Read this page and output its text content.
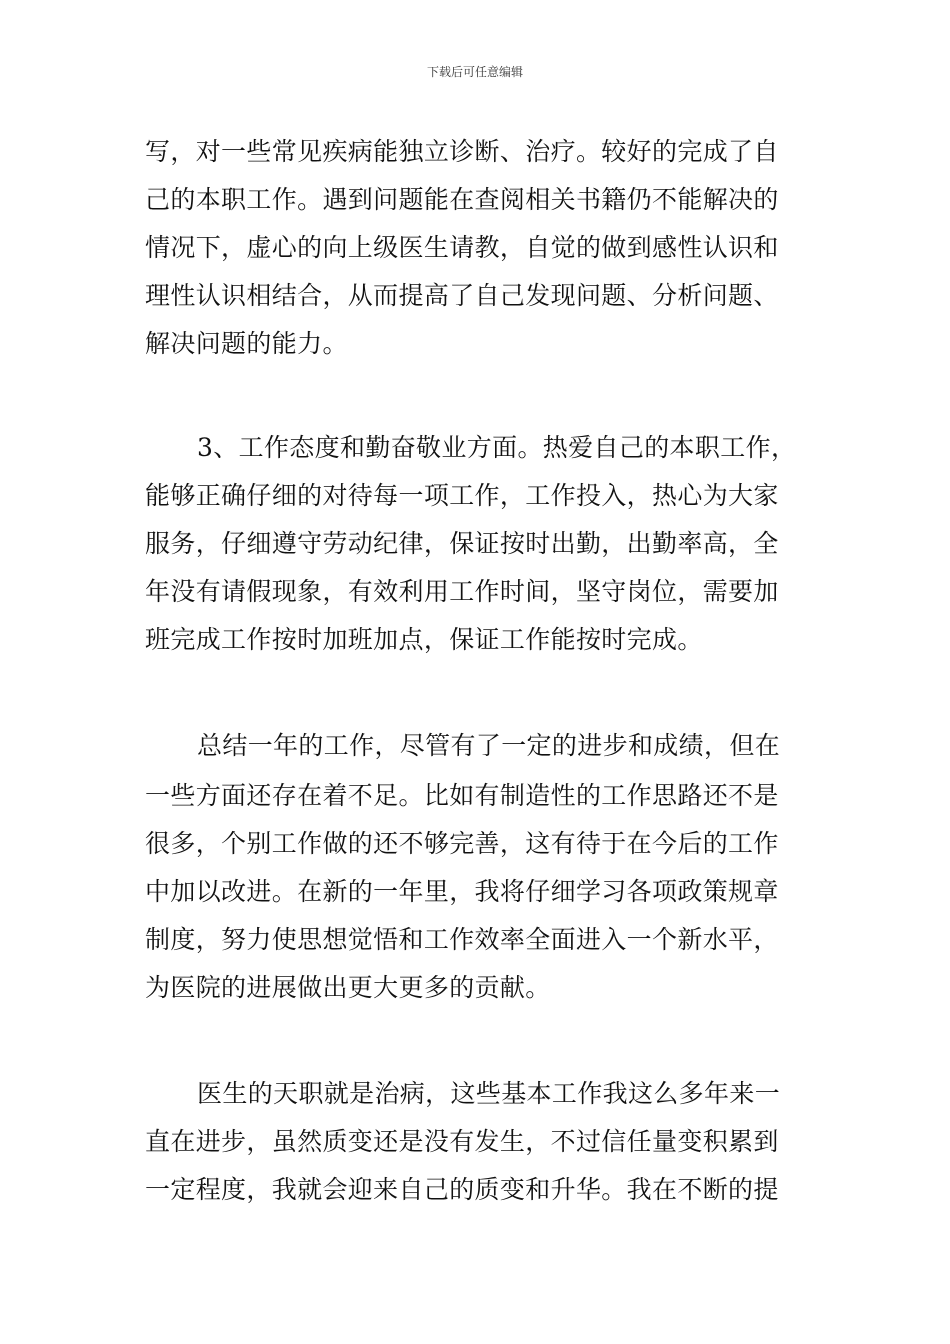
下载后可任意编辑
写，对一些常见疾病能独立诊断、治疗。较好的完成了自
己的本职工作。遇到问题能在查阅相关书籍仍不能解决的
情况下，虚心的向上级医生请教，自觉的做到感性认识和
理性认识相结合，从而提高了自己发现问题、分析问题、
解决问题的能力。
3、工作态度和勤奋敬业方面。热爱自己的本职工作，
能够正确仔细的对待每一项工作，工作投入，热心为大家
服务，仔细遵守劳动纪律，保证按时出勤，出勤率高，全
年没有请假现象，有效利用工作时间，坚守岗位，需要加
班完成工作按时加班加点，保证工作能按时完成。
总结一年的工作，尽管有了一定的进步和成绩，但在
一些方面还存在着不足。比如有制造性的工作思路还不是
很多，个别工作做的还不够完善，这有待于在今后的工作
中加以改进。在新的一年里，我将仔细学习各项政策规章
制度，努力使思想觉悟和工作效率全面进入一个新水平，
为医院的进展做出更大更多的贡献。
医生的天职就是治病，这些基本工作我这么多年来一
直在进步，虽然质变还是没有发生，不过信任量变积累到
一定程度，我就会迎来自己的质变和升华。我在不断的提
